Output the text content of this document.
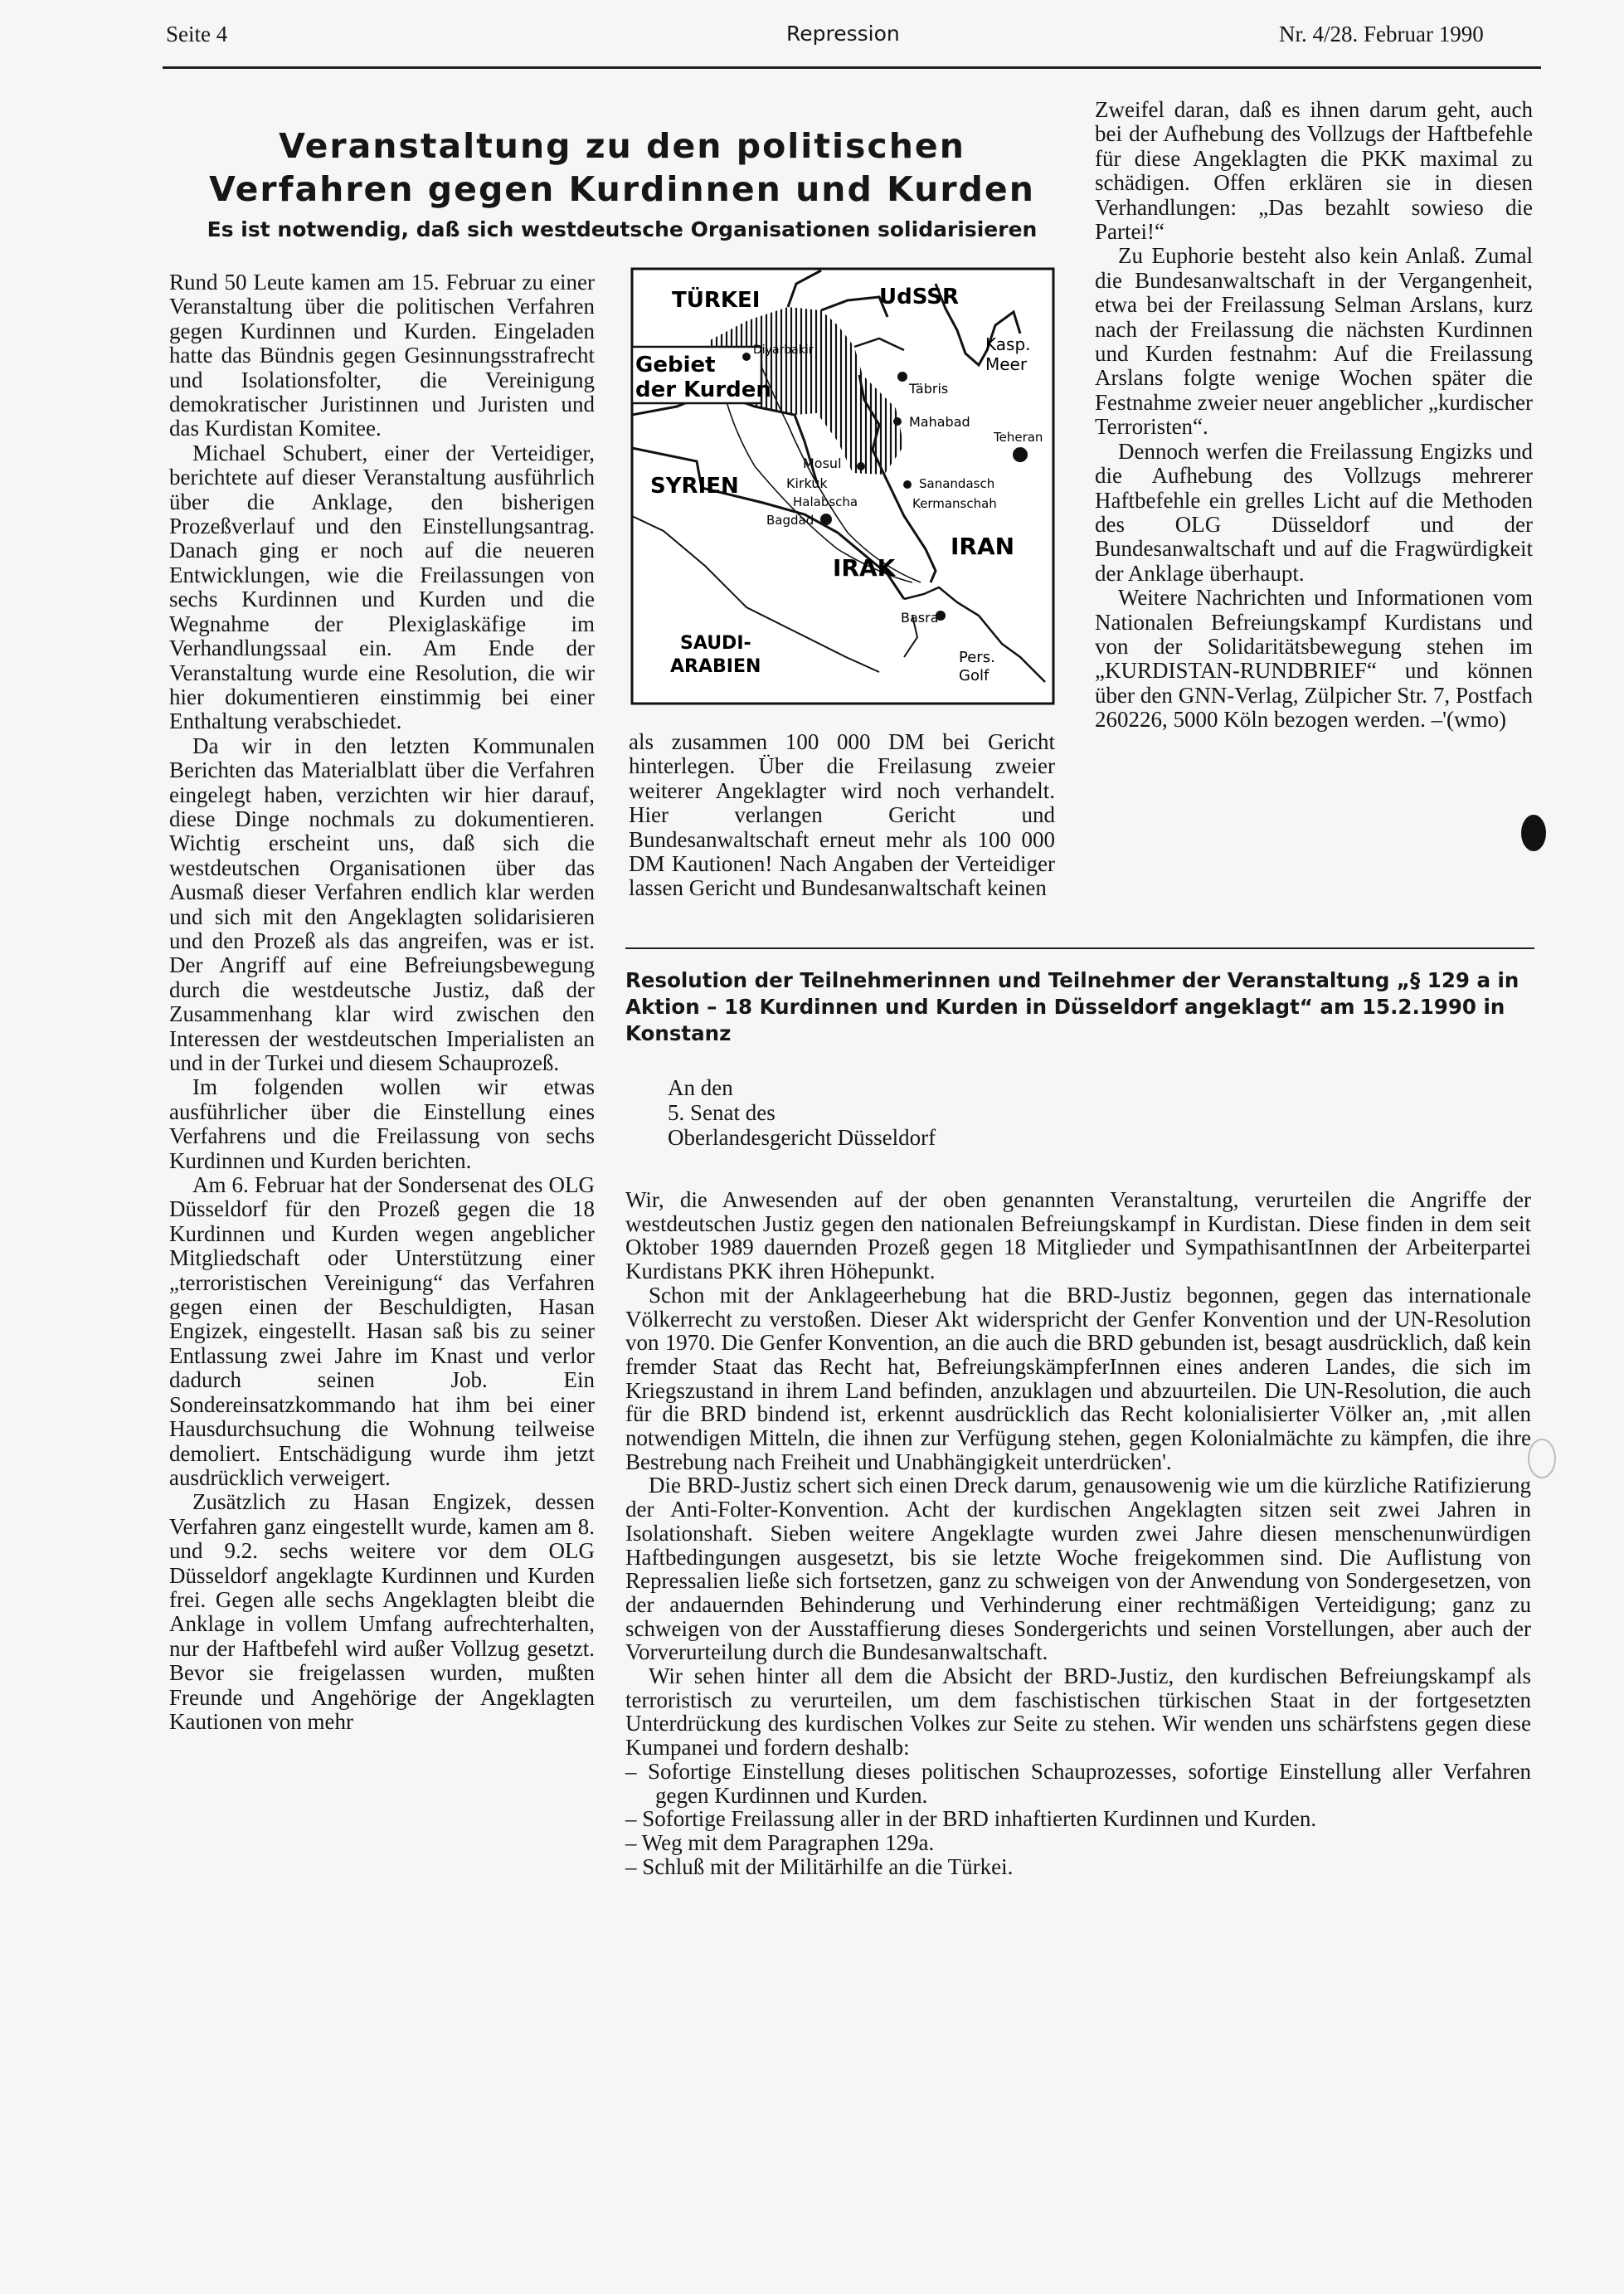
Seite 4	Repression	Nr. 4/28. Februar 1990
Veranstaltung zu den politischen
Verfahren gegen Kurdinnen und Kurden
Es ist notwendig, daß sich westdeutsche Organisationen solidarisieren

Rund 50 Leute kamen am 15. Februar zu einer Veranstaltung über die politischen Verfahren gegen Kurdinnen und Kurden. Eingeladen hatte das Bündnis gegen Gesinnungsstrafrecht und Isolationsfolter, die Vereinigung demokratischer Juristinnen und Juristen und das Kurdistan Komitee.

Michael Schubert, einer der Verteidiger, berichtete auf dieser Veranstaltung ausführlich über die Anklage, den bisherigen Prozeßverlauf und den Einstellungsantrag. Danach ging er noch auf die neueren Entwicklungen, wie die Freilassungen von sechs Kurdinnen und Kurden und die Wegnahme der Plexiglaskäfige im Verhandlungssaal ein. Am Ende der Veranstaltung wurde eine Resolution, die wir hier dokumentieren einstimmig bei einer Enthaltung verabschiedet.

Da wir in den letzten Kommunalen Berichten das Materialblatt über die Verfahren eingelegt haben, verzichten wir hier darauf, diese Dinge nochmals zu dokumentieren. Wichtig erscheint uns, daß sich die westdeutschen Organisationen über das Ausmaß dieser Verfahren endlich klar werden und sich mit den Angeklagten solidarisieren und den Prozeß als das angreifen, was er ist. Der Angriff auf eine Befreiungsbewegung durch die westdeutsche Justiz, daß der Zusammenhang klar wird zwischen den Interessen der westdeutschen Imperialisten an und in der Turkei und diesem Schauprozeß.

Im folgenden wollen wir etwas ausführlicher über die Einstellung eines Verfahrens und die Freilassung von sechs Kurdinnen und Kurden berichten.

Am 6. Februar hat der Sondersenat des OLG Düsseldorf für den Prozeß gegen die 18 Kurdinnen und Kurden wegen angeblicher Mitgliedschaft oder Unterstützung einer „terroristischen Vereinigung“ das Verfahren gegen einen der Beschuldigten, Hasan Engizek, eingestellt. Hasan saß bis zu seiner Entlassung zwei Jahre im Knast und verlor dadurch seinen Job. Ein Sondereinsatzkommando hat ihm bei einer Hausdurchsuchung die Wohnung teilweise demoliert. Entschädigung wurde ihm jetzt ausdrücklich verweigert.

Zusätzlich zu Hasan Engizek, dessen Verfahren ganz eingestellt wurde, kamen am 8. und 9.2. sechs weitere vor dem OLG Düsseldorf angeklagte Kurdinnen und Kurden frei. Gegen alle sechs Angeklagten bleibt die Anklage in vollem Umfang aufrechterhalten, nur der Haftbefehl wird außer Vollzug gesetzt. Bevor sie freigelassen wurden, mußten Freunde und Angehörige der Angeklagten Kautionen von mehr

TÜRKEI	UdSSR
Kasp.
Meer
Diyarbakir
Täbris
Gebiet
der Kurden
Mahabad
Teheran
SYRIEN
Mosul
Kirkuk
Halabscha
Sanandasch
Kermanschah
Bagdad
IRAK
IRAN
Basra
SAUDI-
ARABIEN	Pers.
Golf

als zusammen 100 000 DM bei Gericht hinterlegen. Über die Freilasung zweier weiterer Angeklagter wird noch verhandelt. Hier verlangen Gericht und Bundesanwaltschaft erneut mehr als 100 000 DM Kautionen! Nach Angaben der Verteidiger lassen Gericht und Bundesanwaltschaft keinen

Zweifel daran, daß es ihnen darum geht, auch bei der Aufhebung des Vollzugs der Haftbefehle für diese Angeklagten die PKK maximal zu schädigen. Offen erklären sie in diesen Verhandlungen: „Das bezahlt sowieso die Partei!“

Zu Euphorie besteht also kein Anlaß. Zumal die Bundesanwaltschaft in der Vergangenheit, etwa bei der Freilassung Selman Arslans, kurz nach der Freilassung die nächsten Kurdinnen und Kurden festnahm: Auf die Freilassung Arslans folgte wenige Wochen später die Festnahme zweier neuer angeblicher „kurdischer Terroristen“.

Dennoch werfen die Freilassung Engizks und die Aufhebung des Vollzugs mehrerer Haftbefehle ein grelles Licht auf die Methoden des OLG Düsseldorf und der Bundesanwaltschaft und auf die Fragwürdigkeit der Anklage überhaupt.

Weitere Nachrichten und Informationen vom Nationalen Befreiungskampf Kurdistans und von der Solidaritätsbewegung stehen im „KURDISTAN-RUNDBRIEF“ und können über den GNN-Verlag, Zülpicher Str. 7, Postfach 260226, 5000 Köln bezogen werden. –'(wmo)

Resolution der Teilnehmerinnen und Teilnehmer der Veranstaltung „§ 129 a in Aktion – 18 Kurdinnen und Kurden in Düsseldorf angeklagt“ am 15.2.1990 in Konstanz
An den
5. Senat des
Oberlandesgericht Düsseldorf

Wir, die Anwesenden auf der oben genannten Veranstaltung, verurteilen die Angriffe der westdeutschen Justiz gegen den nationalen Befreiungskampf in Kurdistan. Diese finden in dem seit Oktober 1989 dauernden Prozeß gegen 18 Mitglieder und SympathisantInnen der Arbeiterpartei Kurdistans PKK ihren Höhepunkt.

Schon mit der Anklageerhebung hat die BRD-Justiz begonnen, gegen das internationale Völkerrecht zu verstoßen. Dieser Akt widerspricht der Genfer Konvention und der UN-Resolution von 1970. Die Genfer Konvention, an die auch die BRD gebunden ist, besagt ausdrücklich, daß kein fremder Staat das Recht hat, BefreiungskämpferInnen eines anderen Landes, die sich im Kriegszustand in ihrem Land befinden, anzuklagen und abzuurteilen. Die UN-Resolution, die auch für die BRD bindend ist, erkennt ausdrücklich das Recht kolonialisierter Völker an, ‚mit allen notwendigen Mitteln, die ihnen zur Verfügung stehen, gegen Kolonialmächte zu kämpfen, die ihre Bestrebung nach Freiheit und Unabhängigkeit unterdrücken'.

Die BRD-Justiz schert sich einen Dreck darum, genausowenig wie um die kürzliche Ratifizierung der Anti-Folter-Konvention. Acht der kurdischen Angeklagten sitzen seit zwei Jahren in Isolationshaft. Sieben weitere Angeklagte wurden zwei Jahre diesen menschenunwürdigen Haftbedingungen ausgesetzt, bis sie letzte Woche freigekommen sind. Die Auflistung von Repressalien ließe sich fortsetzen, ganz zu schweigen von der Anwendung von Sondergesetzen, von der andauernden Behinderung und Verhinderung einer rechtmäßigen Verteidigung; ganz zu schweigen von der Ausstaffierung dieses Sondergerichts und seinen Vorstellungen, aber auch der Vorverurteilung durch die Bundesanwaltschaft.

Wir sehen hinter all dem die Absicht der BRD-Justiz, den kurdischen Befreiungskampf als terroristisch zu verurteilen, um dem faschistischen türkischen Staat in der fortgesetzten Unterdrückung des kurdischen Volkes zur Seite zu stehen. Wir wenden uns schärfstens gegen diese Kumpanei und fordern deshalb:

– Sofortige Einstellung dieses politischen Schauprozesses, sofortige Einstellung aller Verfahren gegen Kurdinnen und Kurden.
– Sofortige Freilassung aller in der BRD inhaftierten Kurdinnen und Kurden.
– Weg mit dem Paragraphen 129a.
– Schluß mit der Militärhilfe an die Türkei.
